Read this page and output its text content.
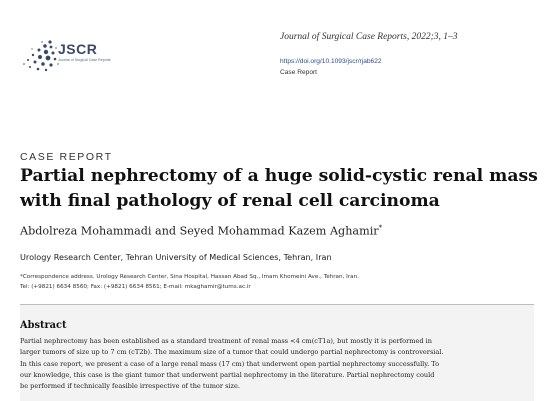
JSCR
Journal of Surgical Case Reports
Journal of Surgical Case Reports, 2022;3, 1–3
https://doi.org/10.1093/jscr/rjab622
Case Report
CASE REPORT
Partial nephrectomy of a huge solid-cystic renal mass
with final pathology of renal cell carcinoma
Abdolreza Mohammadi and Seyed Mohammad Kazem Aghamir*
Urology Research Center, Tehran University of Medical Sciences, Tehran, Iran
*Correspondence address. Urology Research Center, Sina Hospital, Hassan Abad Sq., Imam Khomeini Ave., Tehran, Iran.
Tel: (+9821) 6634 8560; Fax: (+9821) 6634 8561; E-mail: mkaghamir@tums.ac.ir
Abstract
Partial nephrectomy has been established as a standard treatment of renal mass <4 cm(cT1a), but mostly it is performed in
larger tumors of size up to 7 cm (cT2b). The maximum size of a tumor that could undergo partial nephrectomy is controversial.
In this case report, we present a case of a large renal mass (17 cm) that underwent open partial nephrectomy successfully. To
our knowledge, this case is the giant tumor that underwent partial nephrectomy in the literature. Partial nephrectomy could
be performed if technically feasible irrespective of the tumor size.
